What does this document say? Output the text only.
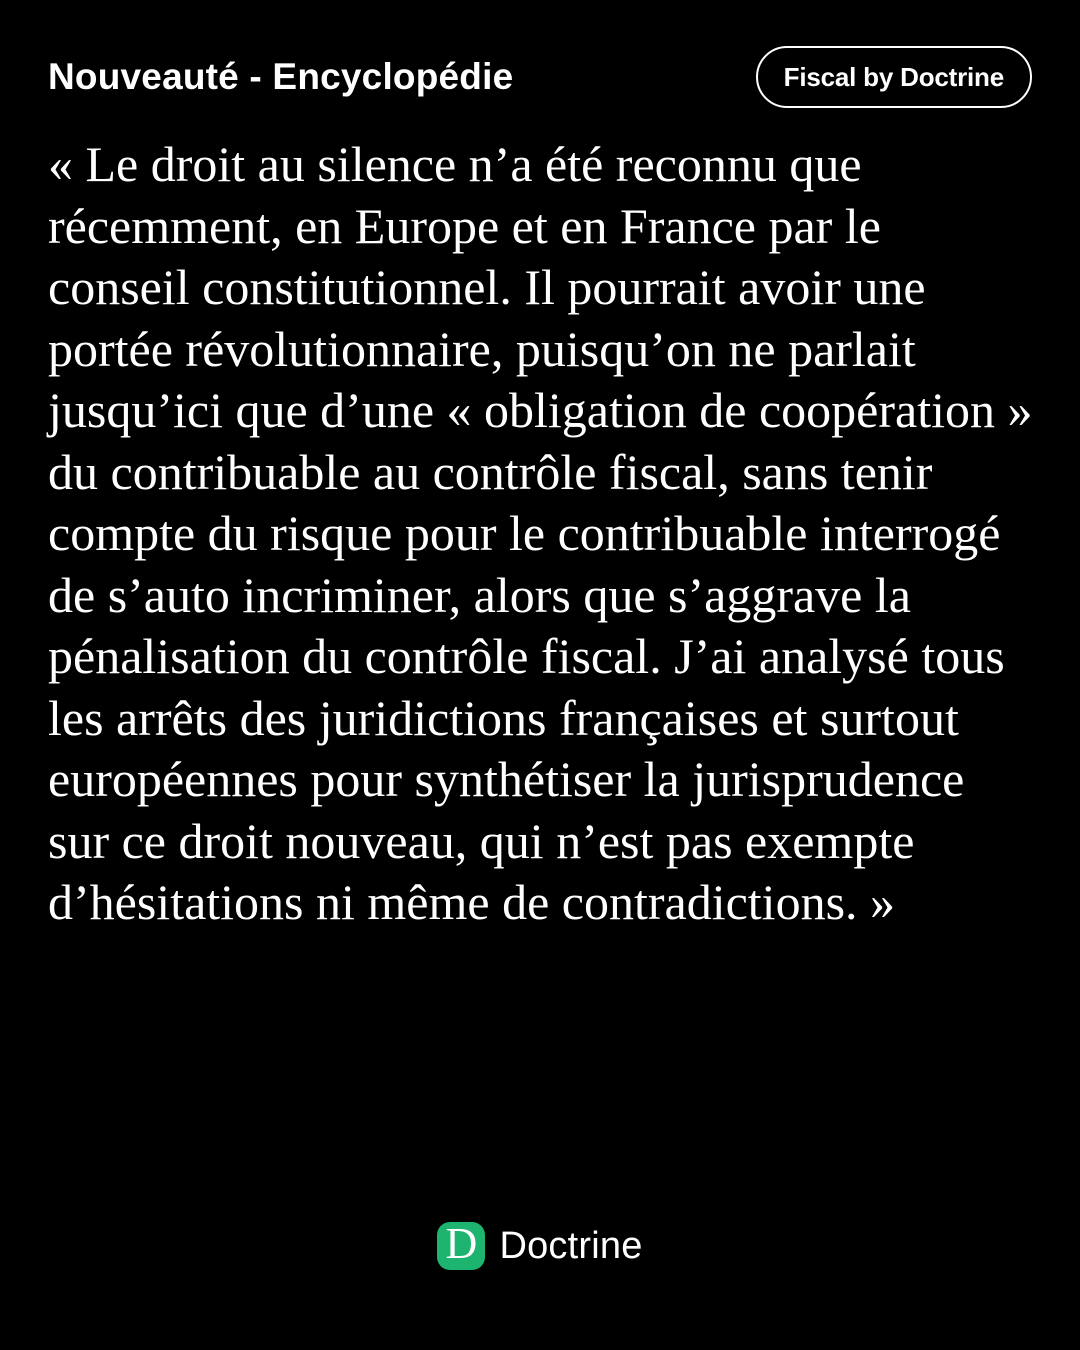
Nouveauté - Encyclopédie	Fiscal by Doctrine
« Le droit au silence n’a été reconnu que
récemment, en Europe et en France par le
conseil constitutionnel. Il pourrait avoir une
portée révolutionnaire, puisqu’on ne parlait
jusqu’ici que d’une « obligation de coopération »
du contribuable au contrôle fiscal, sans tenir
compte du risque pour le contribuable interrogé
de s’auto incriminer, alors que s’aggrave la
pénalisation du contrôle fiscal. J’ai analysé tous
les arrêts des juridictions françaises et surtout
européennes pour synthétiser la jurisprudence
sur ce droit nouveau, qui n’est pas exempte
d’hésitations ni même de contradictions. »
D Doctrine
